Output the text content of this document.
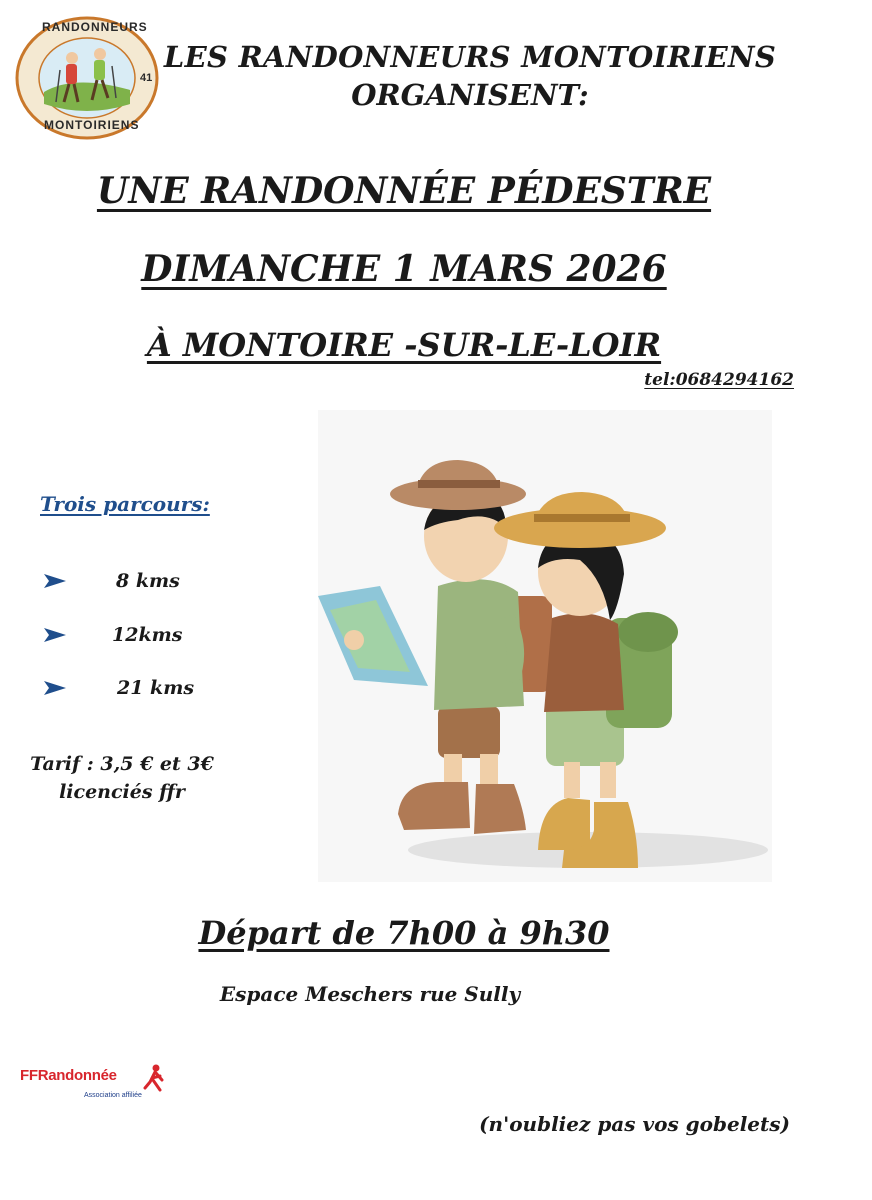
RANDONNEURS
MONTOIRIENS
41
LES RANDONNEURS MONTOIRIENS
ORGANISENT:
UNE RANDONNÉE PÉDESTRE
DIMANCHE 1 MARS 2026
À MONTOIRE -SUR-LE-LOIR
tel:0684294162
Trois parcours:
8 kms
12kms
21 kms
Tarif : 3,5 € et 3€
licenciés ffr
Départ de 7h00 à 9h30
Espace Meschers rue Sully
FFRandonnée
Association affiliée
(n'oubliez pas vos gobelets)
